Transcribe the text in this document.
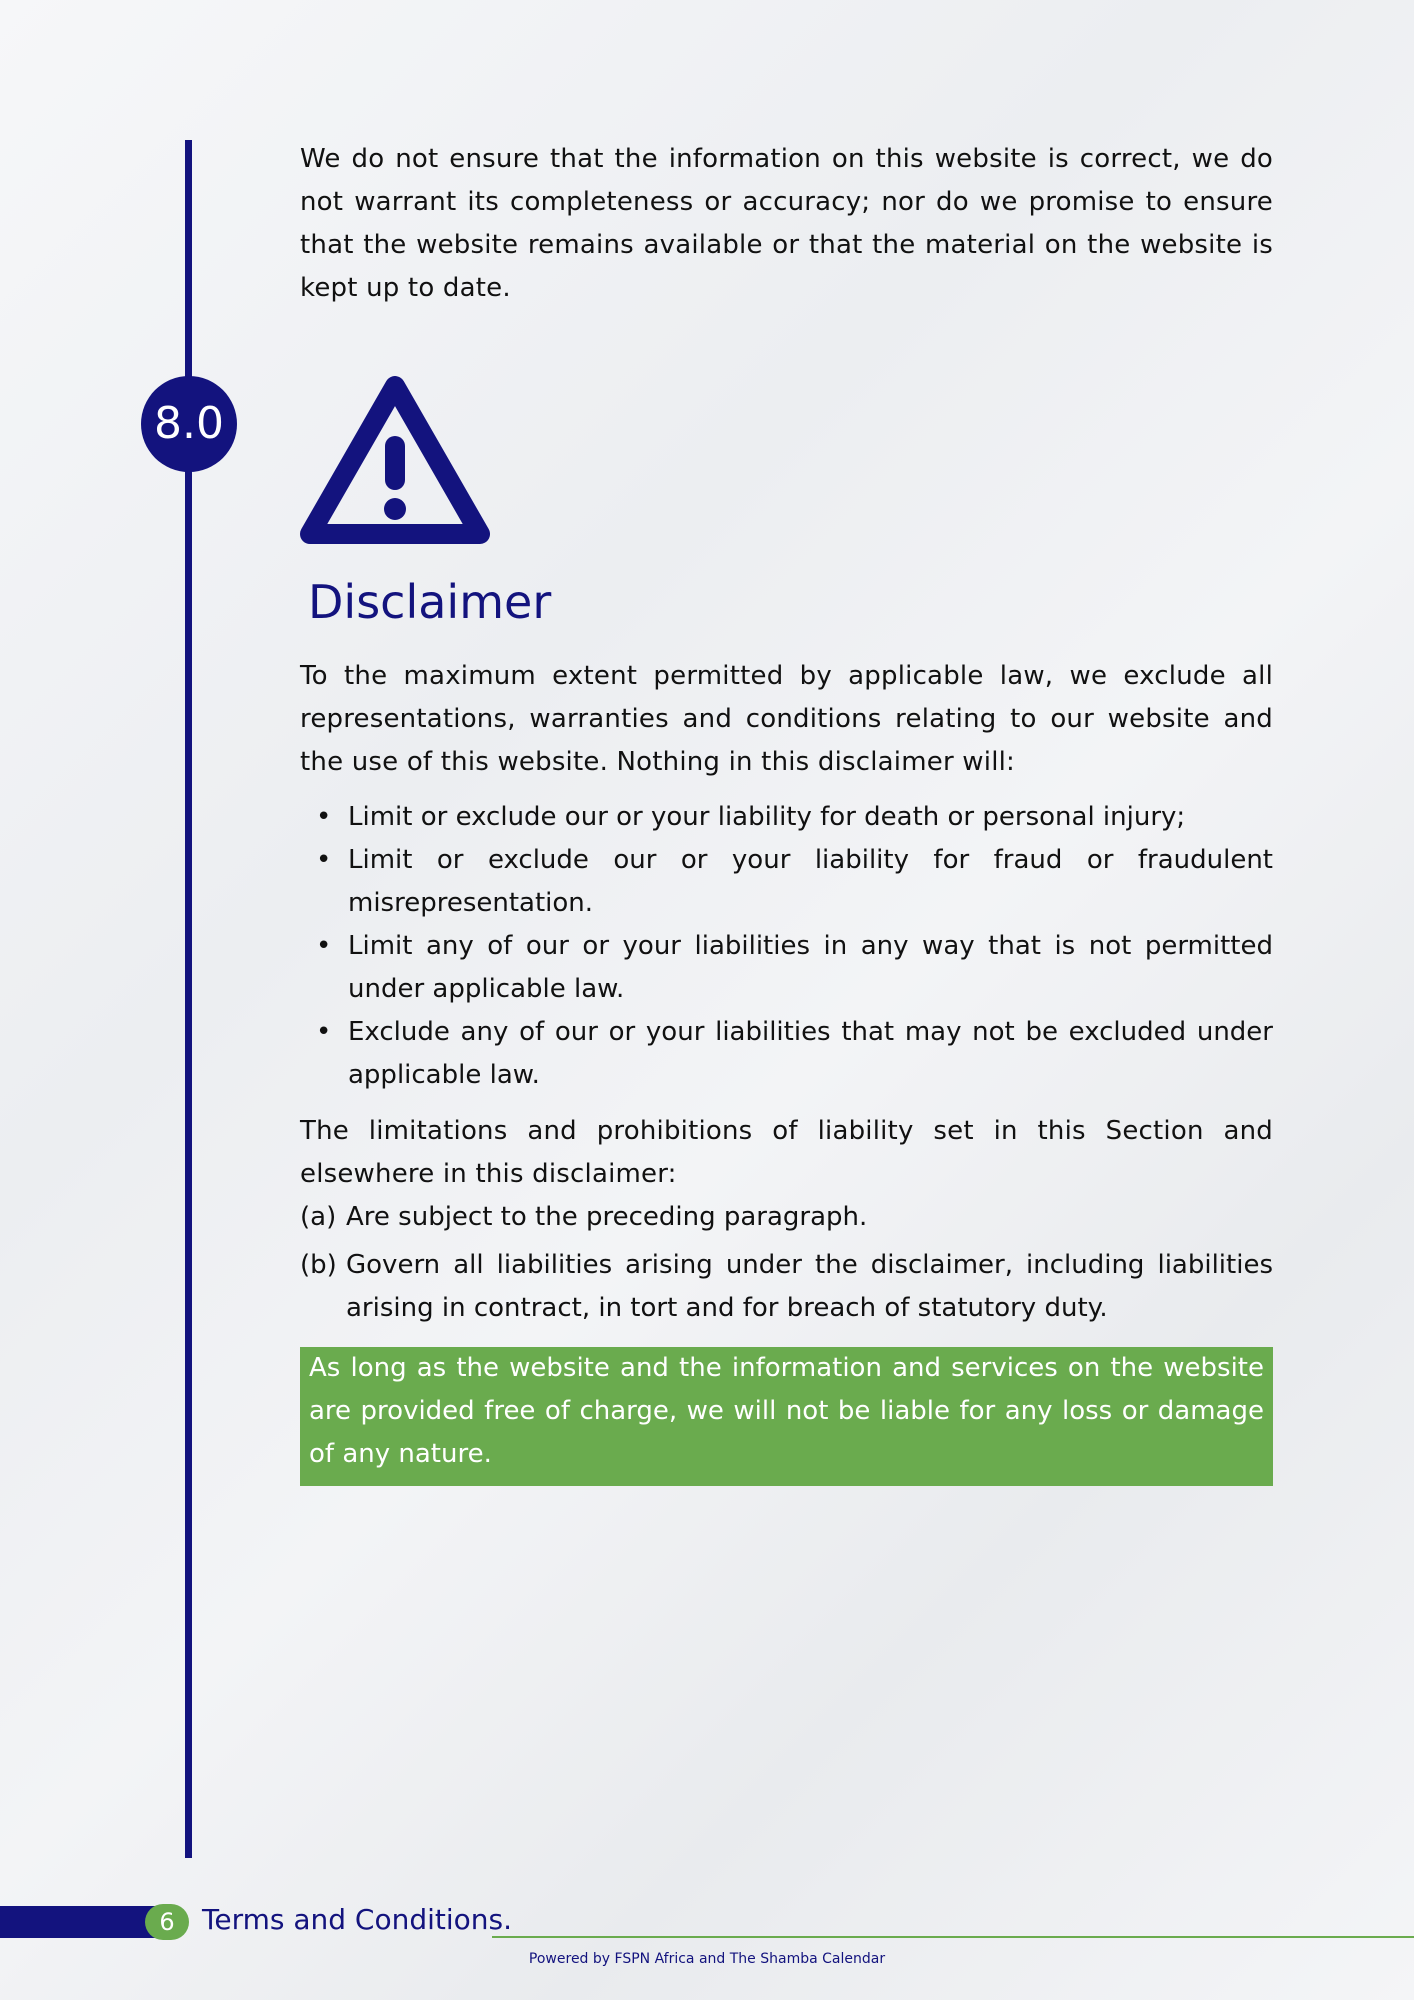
We do not ensure that the information on this website is correct, we do not warrant its completeness or accuracy; nor do we promise to ensure that the website remains available or that the material on the website is kept up to date.

8.0
Disclaimer

To the maximum extent permitted by applicable law, we exclude all representations, warranties and conditions relating to our website and the use of this website. Nothing in this disclaimer will:

• Limit or exclude our or your liability for death or personal injury;
• Limit or exclude our or your liability for fraud or fraudulent misrepresentation.
• Limit any of our or your liabilities in any way that is not permitted under applicable law.
• Exclude any of our or your liabilities that may not be excluded under applicable law.

The limitations and prohibitions of liability set in this Section and elsewhere in this disclaimer:

(a) Are subject to the preceding paragraph.
(b) Govern all liabilities arising under the disclaimer, including liabilities arising in contract, in tort and for breach of statutory duty.
As long as the website and the information and services on the website are provided free of charge, we will not be liable for any loss or damage of any nature.
6 Terms and Conditions.
Powered by FSPN Africa and The Shamba Calendar
